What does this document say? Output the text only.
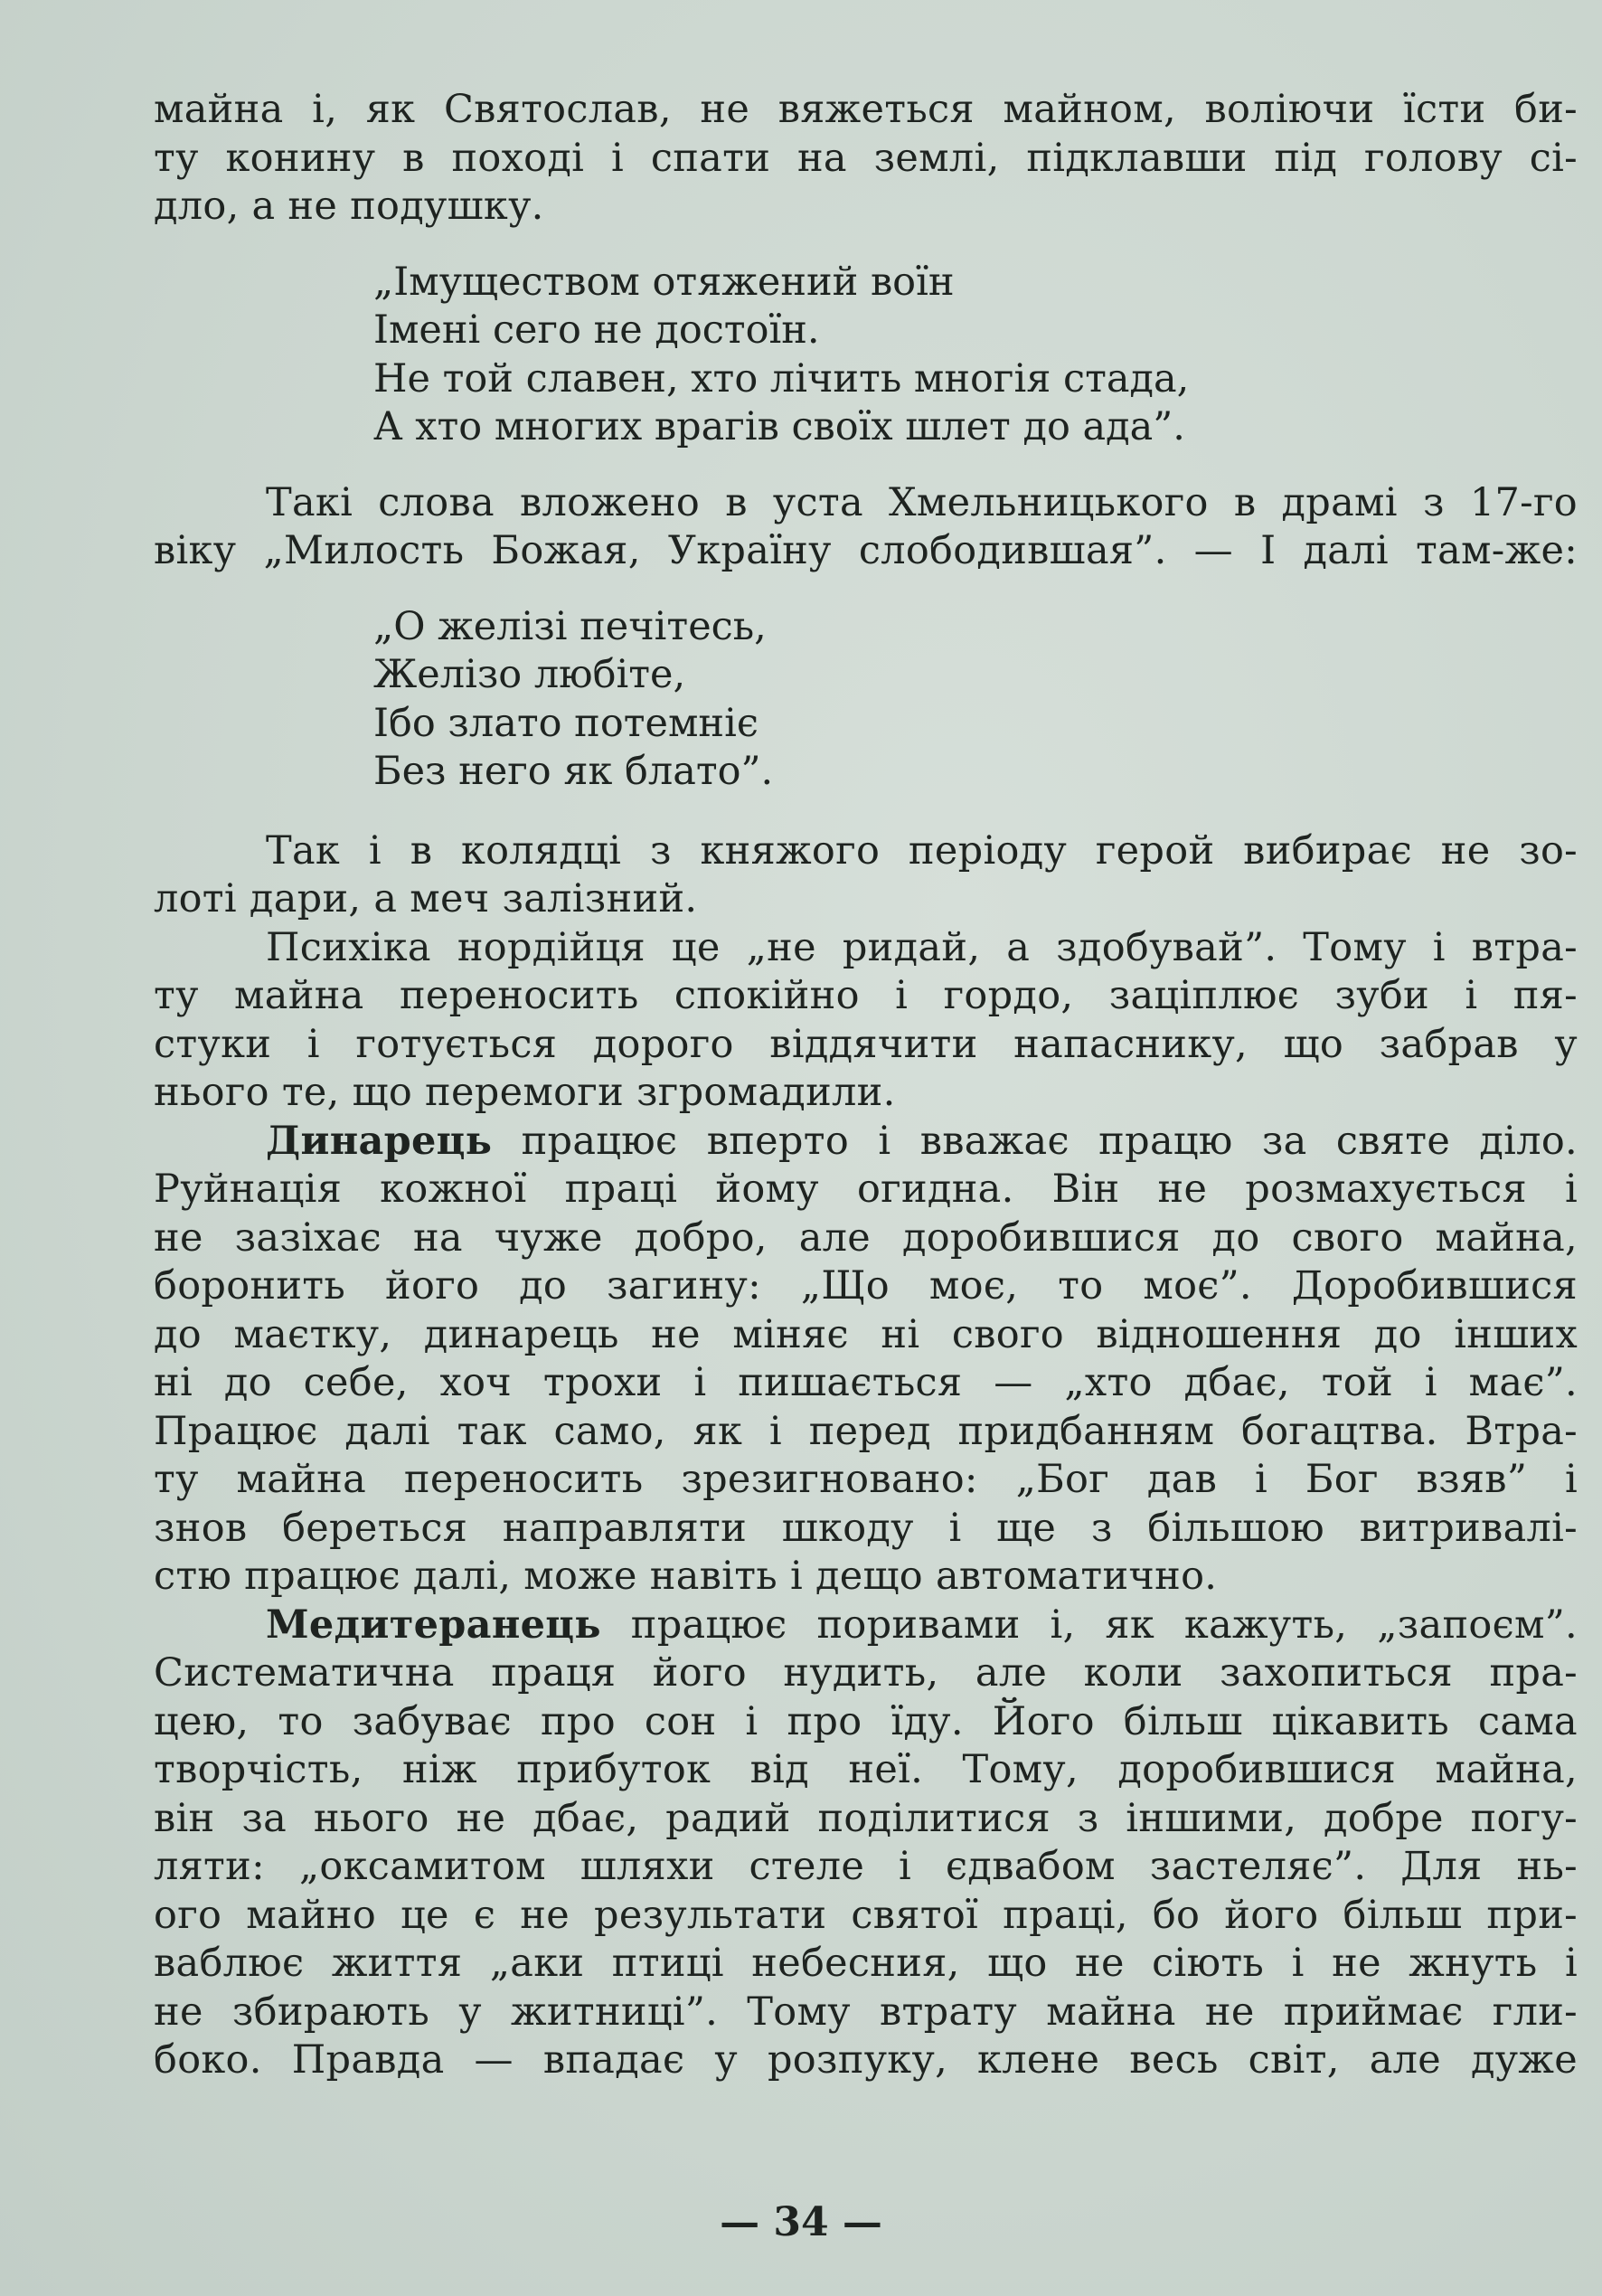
майна і, як Святослав, не вяжеться майном, воліючи їсти би-
ту конину в поході і спати на землі, підклавши під голову сі-
дло, а не подушку.
„Імуществом отяжений воїн
Імені сего не достоїн.
Не той славен, хто лічить многія стада,
А хто многих врагів своїх шлет до ада”.
Такі слова вложено в уста Хмельницького в драмі з 17-го
віку „Милость Божая, Україну слободившая”. — І далі там-же:
„О желізі печітесь,
Желізо любіте,
Ібо злато потемніє
Без него як блато”.
Так і в колядці з княжого періоду герой вибирає не зо-
лоті дари, а меч залізний.
Психіка нордійця це „не ридай, а здобувай”. Тому і втра-
ту майна переносить спокійно і гордо, заціплює зуби і пя-
стуки і готується дорого віддячити напаснику, що забрав у
нього те, що перемоги згромадили.
Динарець працює вперто і вважає працю за святе діло.
Руйнація кожної праці йому огидна. Він не розмахується і
не зазіхає на чуже добро, але доробившися до свого майна,
боронить його до загину: „Що моє, то моє”. Доробившися
до маєтку, динарець не міняє ні свого відношення до інших
ні до себе, хоч трохи і пишається — „хто дбає, той і має”.
Працює далі так само, як і перед придбанням богацтва. Втра-
ту майна переносить зрезигновано: „Бог дав і Бог взяв” і
знов береться направляти шкоду і ще з більшою витривалі-
стю працює далі, може навіть і дещо автоматично.
Медитеранець працює поривами і, як кажуть, „запоєм”.
Систематична праця його нудить, але коли захопиться пра-
цею, то забуває про сон і про їду. Його більш цікавить сама
творчість, ніж прибуток від неї. Тому, доробившися майна,
він за нього не дбає, радий поділитися з іншими, добре погу-
ляти: „оксамитом шляхи стеле і єдвабом застеляє”. Для нь-
ого майно це є не результати святої праці, бо його більш при-
ваблює життя „аки птиці небесния, що не сіють і не жнуть і
не збирають у житниці”. Тому втрату майна не приймає гли-
боко. Правда — впадає у розпуку, клене весь світ, але дуже
— 34 —
